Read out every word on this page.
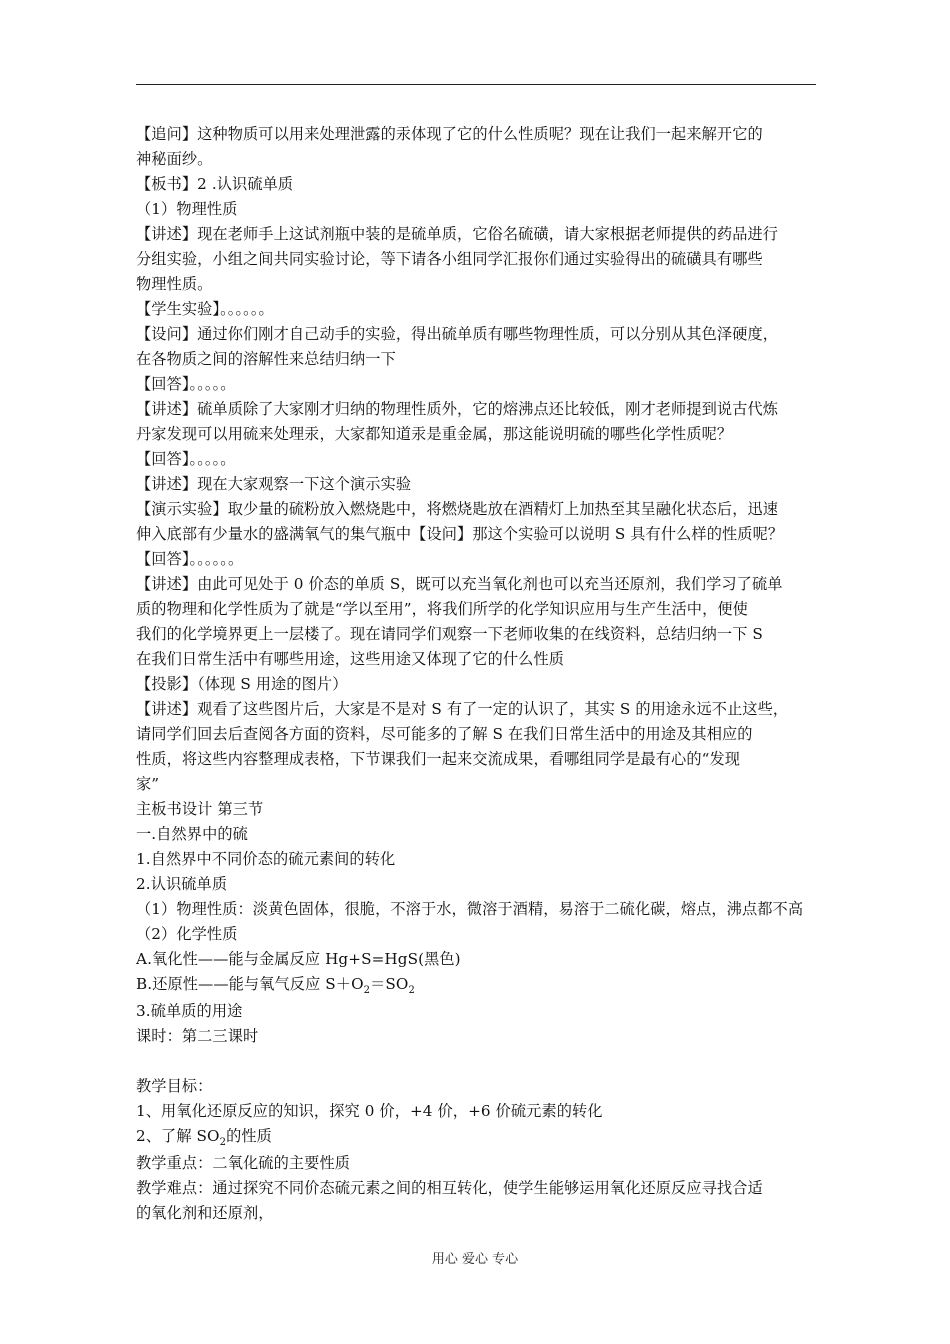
【追问】这种物质可以用来处理泄露的汞体现了它的什么性质呢？现在让我们一起来解开它的

神秘面纱。

【板书】2 .认识硫单质

（1）物理性质

【讲述】现在老师手上这试剂瓶中装的是硫单质，它俗名硫磺，请大家根据老师提供的药品进行

分组实验，小组之间共同实验讨论，等下请各小组同学汇报你们通过实验得出的硫磺具有哪些

物理性质。

【学生实验】。。。。。。

【设问】通过你们刚才自己动手的实验，得出硫单质有哪些物理性质，可以分别从其色泽硬度，

在各物质之间的溶解性来总结归纳一下

【回答】。。。。。

【讲述】硫单质除了大家刚才归纳的物理性质外，它的熔沸点还比较低，刚才老师提到说古代炼

丹家发现可以用硫来处理汞，大家都知道汞是重金属，那这能说明硫的哪些化学性质呢？

【回答】。。。。。

【讲述】现在大家观察一下这个演示实验

【演示实验】取少量的硫粉放入燃烧匙中，将燃烧匙放在酒精灯上加热至其呈融化状态后，迅速

伸入底部有少量水的盛满氧气的集气瓶中【设问】那这个实验可以说明 S 具有什么样的性质呢？

【回答】。。。。。。

【讲述】由此可见处于 0 价态的单质 S，既可以充当氧化剂也可以充当还原剂，我们学习了硫单

质的物理和化学性质为了就是“学以至用”，将我们所学的化学知识应用与生产生活中，便使

我们的化学境界更上一层楼了。现在请同学们观察一下老师收集的在线资料，总结归纳一下 S

在我们日常生活中有哪些用途，这些用途又体现了它的什么性质

【投影】（体现 S 用途的图片）

【讲述】观看了这些图片后，大家是不是对 S 有了一定的认识了，其实 S 的用途永远不止这些，

请同学们回去后查阅各方面的资料，尽可能多的了解 S 在我们日常生活中的用途及其相应的

性质，将这些内容整理成表格，下节课我们一起来交流成果，看哪组同学是最有心的“发现

家”

主板书设计 第三节

一.自然界中的硫

1.自然界中不同价态的硫元素间的转化

2.认识硫单质

（1）物理性质：淡黄色固体，很脆，不溶于水，微溶于酒精，易溶于二硫化碳，熔点，沸点都不高

（2）化学性质

A.氧化性——能与金属反应 Hg+S=HgS(黑色)

B.还原性——能与氧气反应 $S+O_2=SO_2$

3.硫单质的用途

课时：第二三课时

教学目标：

1、用氧化还原反应的知识，探究 0 价，+4 价，+6 价硫元素的转化

2、了解 $SO_2$的性质

教学重点：二氧化硫的主要性质

教学难点：通过探究不同价态硫元素之间的相互转化，使学生能够运用氧化还原反应寻找合适

的氧化剂和还原剂，

用心 爱心 专心
